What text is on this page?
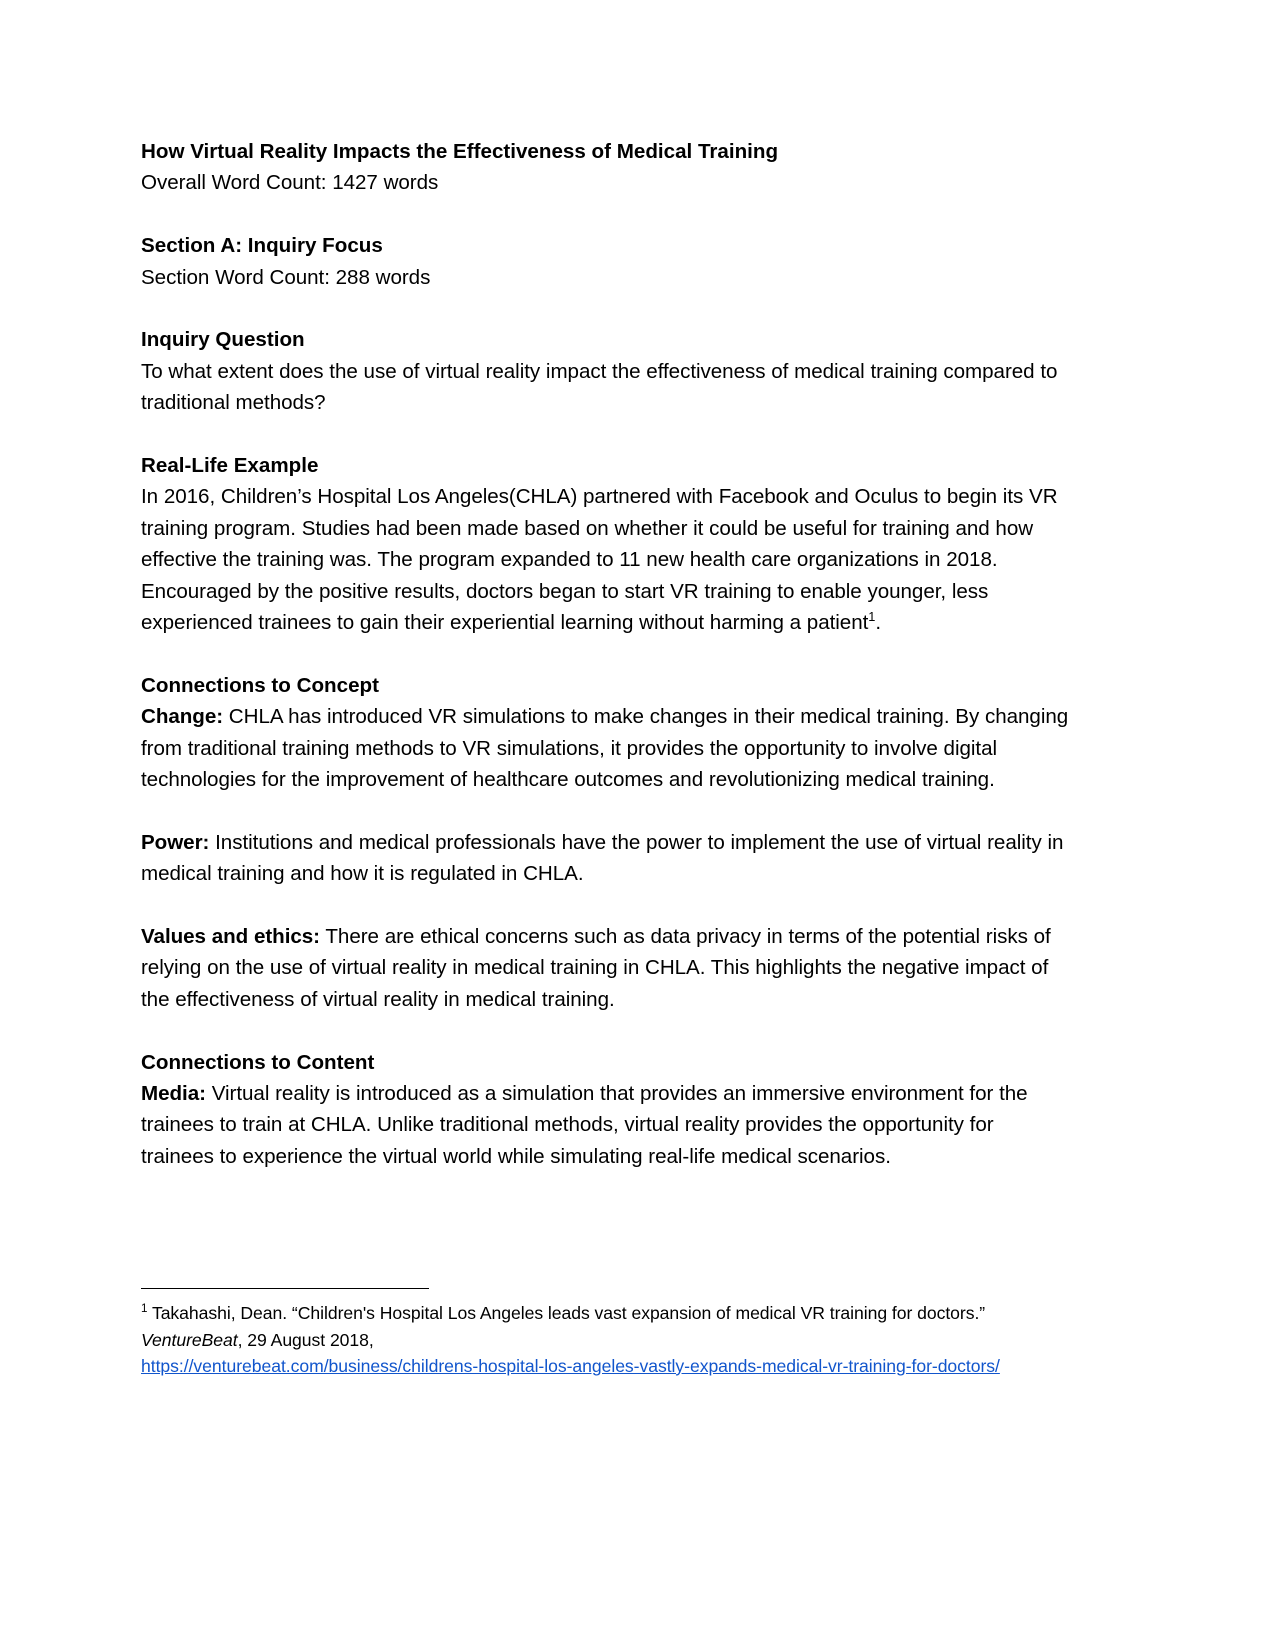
How Virtual Reality Impacts the Effectiveness of Medical Training

Overall Word Count: 1427 words

Section A: Inquiry Focus

Section Word Count: 288 words

Inquiry Question

To what extent does the use of virtual reality impact the effectiveness of medical training compared to traditional methods?

Real-Life Example

In 2016, Children’s Hospital Los Angeles(CHLA) partnered with Facebook and Oculus to begin its VR training program. Studies had been made based on whether it could be useful for training and how effective the training was. The program expanded to 11 new health care organizations in 2018. Encouraged by the positive results, doctors began to start VR training to enable younger, less experienced trainees to gain their experiential learning without harming a patient$^1$.

Connections to Concept

Change: CHLA has introduced VR simulations to make changes in their medical training. By changing from traditional training methods to VR simulations, it provides the opportunity to involve digital technologies for the improvement of healthcare outcomes and revolutionizing medical training.

Power: Institutions and medical professionals have the power to implement the use of virtual reality in medical training and how it is regulated in CHLA.

Values and ethics: There are ethical concerns such as data privacy in terms of the potential risks of relying on the use of virtual reality in medical training in CHLA. This highlights the negative impact of the effectiveness of virtual reality in medical training.

Connections to Content

Media: Virtual reality is introduced as a simulation that provides an immersive environment for the trainees to train at CHLA. Unlike traditional methods, virtual reality provides the opportunity for trainees to experience the virtual world while simulating real-life medical scenarios.

$^1$ Takahashi, Dean. “Children's Hospital Los Angeles leads vast expansion of medical VR training for doctors.” VentureBeat, 29 August 2018,
https://venturebeat.com/business/childrens-hospital-los-angeles-vastly-expands-medical-vr-training-for-doctors/
